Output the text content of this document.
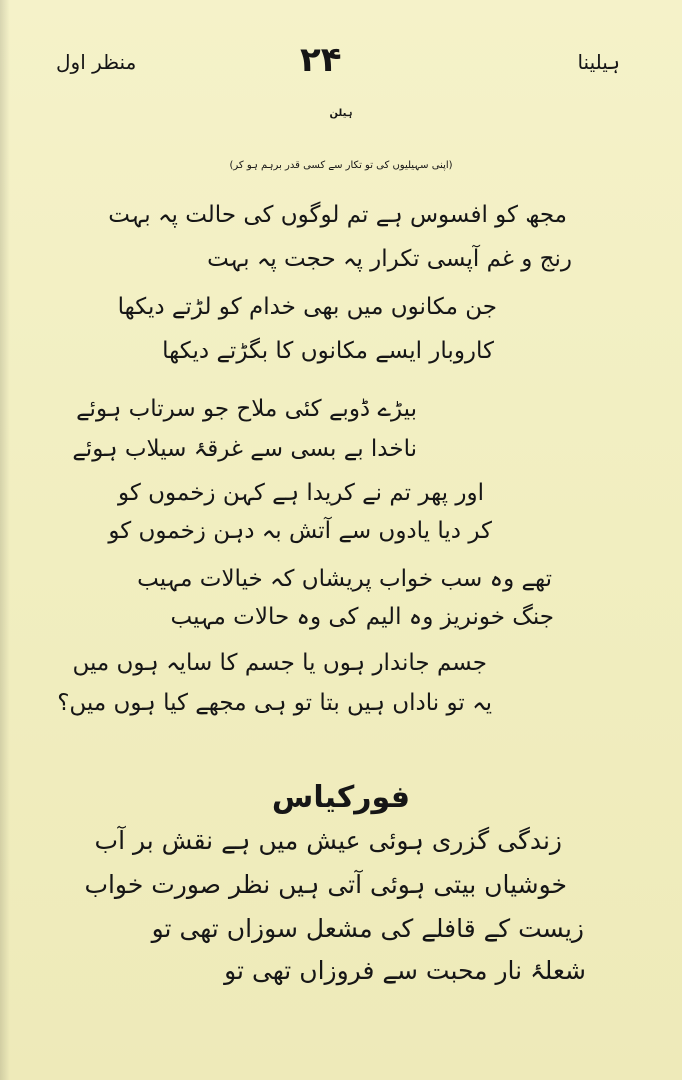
ہیلینا
۲۴
منظر اول
ہیلن
(اپنی سہیلیوں کی تو تکار سے کسی قدر برہم ہو کر)
مجھ کو افسوس ہے تم لوگوں کی حالت پہ بہت
رنج و غم آپسی تکرار پہ حجت پہ بہت
جن مکانوں میں بھی خدام کو لڑتے دیکھا
کاروبار ایسے مکانوں کا بگڑتے دیکھا
بیڑے ڈوبے کئی ملاح جو سرتاب ہوئے
ناخدا بے بسی سے غرقۂ سیلاب ہوئے
اور پھر تم نے کریدا ہے کہن زخموں کو
کر دیا یادوں سے آتش بہ دہن زخموں کو
تھے وہ سب خواب پریشاں کہ خیالات مہیب
جنگ خونریز وہ الیم کی وہ حالات مہیب
جسم جاندار ہوں یا جسم کا سایہ ہوں میں
یہ تو ناداں ہیں بتا تو ہی مجھے کیا ہوں میں؟
فورکیاس
زندگی گزری ہوئی عیش میں ہے نقش بر آب
خوشیاں بیتی ہوئی آتی ہیں نظر صورت خواب
زیست کے قافلے کی مشعل سوزاں تھی تو
شعلۂ نار محبت سے فروزاں تھی تو
